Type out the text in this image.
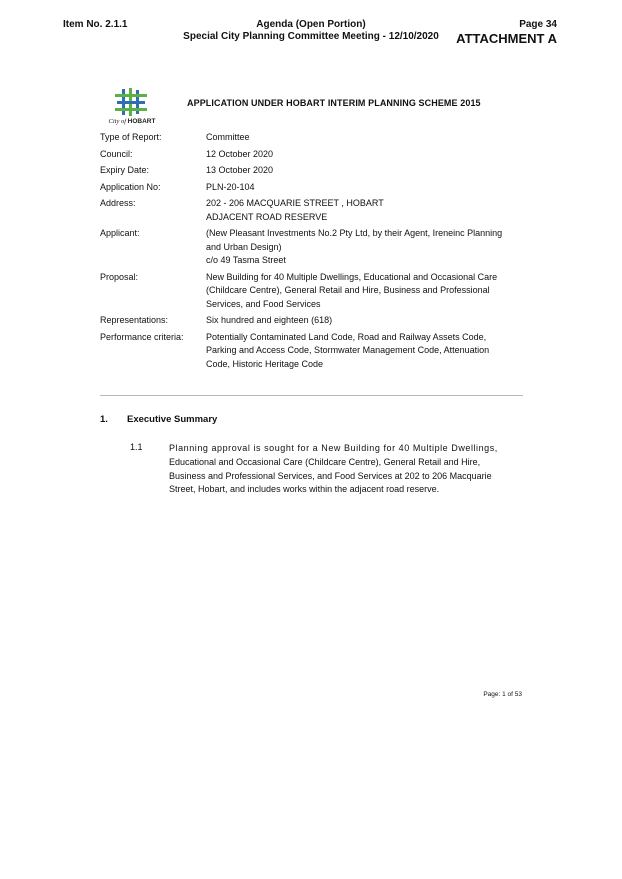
Item No. 2.1.1	Agenda (Open Portion)
Special City Planning Committee Meeting - 12/10/2020
Page 34
ATTACHMENT A
City of HOBART
APPLICATION UNDER HOBART INTERIM PLANNING SCHEME 2015
Type of Report:	Committee
Council:	12 October 2020
Expiry Date:	13 October 2020
Application No:	PLN-20-104
Address:	202 - 206 MACQUARIE STREET , HOBART
ADJACENT ROAD RESERVE
Applicant:	(New Pleasant Investments No.2 Pty Ltd, by their Agent, Ireneinc Planning
and Urban Design)
c/o 49 Tasma Street
Proposal:	New Building for 40 Multiple Dwellings, Educational and Occasional Care
(Childcare Centre), General Retail and Hire, Business and Professional
Services, and Food Services
Representations:	Six hundred and eighteen (618)
Performance criteria:	Potentially Contaminated Land Code, Road and Railway Assets Code,
Parking and Access Code, Stormwater Management Code, Attenuation
Code, Historic Heritage Code
1. Executive Summary
1.1	Planning approval is sought for a New Building for 40 Multiple Dwellings,
Educational and Occasional Care (Childcare Centre), General Retail and Hire,
Business and Professional Services, and Food Services at 202 to 206 Macquarie
Street, Hobart, and includes works within the adjacent road reserve.
Page: 1 of 53
